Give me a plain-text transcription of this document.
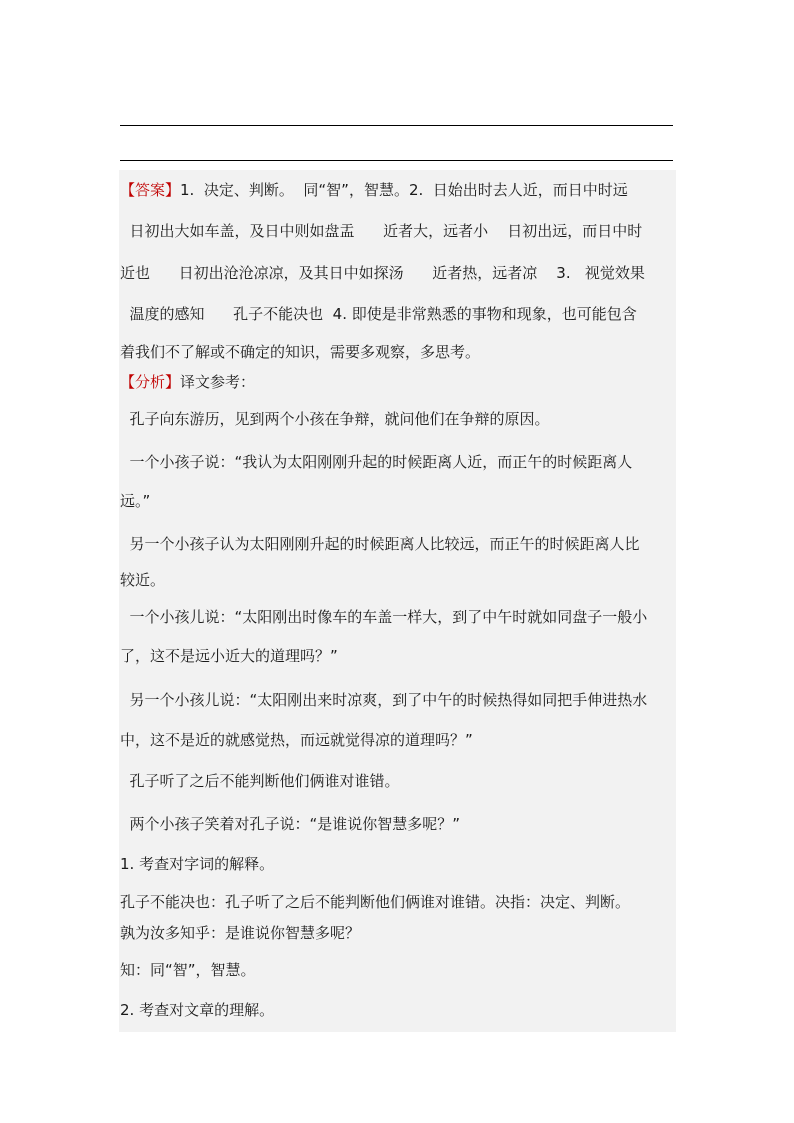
【答案】1.  决定、判断。  同“智”，智慧。2.  日始出时去人近，而日中时远
日初出大如车盖，及日中则如盘盂      近者大，远者小    日初出远，而日中时
近也      日初出沧沧凉凉，及其日中如探汤      近者热，远者凉    3.   视觉效果
温度的感知      孔子不能决也  4. 即使是非常熟悉的事物和现象，也可能包含
着我们不了解或不确定的知识，需要多观察，多思考。
【分析】译文参考：
孔子向东游历，见到两个小孩在争辩，就问他们在争辩的原因。
一个小孩子说：“我认为太阳刚刚升起的时候距离人近，而正午的时候距离人
远。”
另一个小孩子认为太阳刚刚升起的时候距离人比较远，而正午的时候距离人比
较近。
一个小孩儿说：“太阳刚出时像车的车盖一样大，到了中午时就如同盘子一般小
了，这不是远小近大的道理吗？”
另一个小孩儿说：“太阳刚出来时凉爽，到了中午的时候热得如同把手伸进热水
中，这不是近的就感觉热，而远就觉得凉的道理吗？”
孔子听了之后不能判断他们俩谁对谁错。
两个小孩子笑着对孔子说：“是谁说你智慧多呢？”
1. 考查对字词的解释。
孔子不能决也：孔子听了之后不能判断他们俩谁对谁错。决指：决定、判断。
孰为汝多知乎：是谁说你智慧多呢？
知：同“智”，智慧。
2. 考查对文章的理解。
